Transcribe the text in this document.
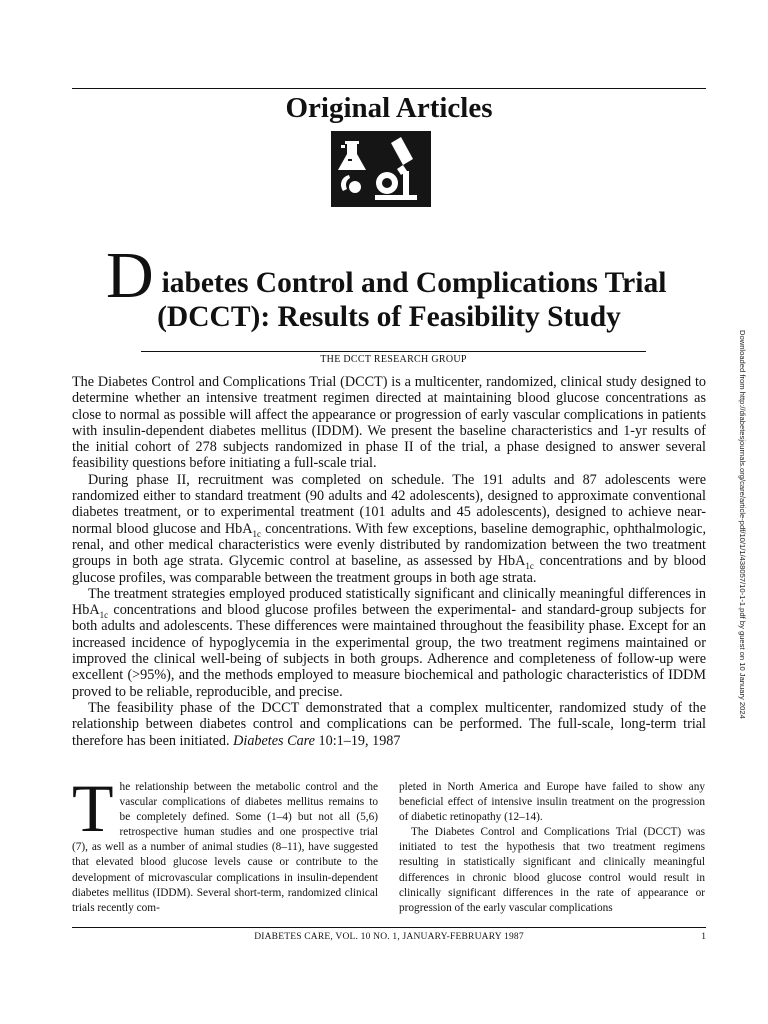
Original Articles
D iabetes Control and Complications Trial
(DCCT): Results of Feasibility Study
THE DCCT RESEARCH GROUP

The Diabetes Control and Complications Trial (DCCT) is a multicenter, randomized, clinical study designed to determine whether an intensive treatment regimen directed at maintaining blood glucose concentrations as close to normal as possible will affect the appearance or progression of early vascular complications in patients with insulin-dependent diabetes mellitus (IDDM). We present the baseline characteristics and 1-yr results of the initial cohort of 278 subjects randomized in phase II of the trial, a phase designed to answer several feasibility questions before initiating a full-scale trial.

During phase II, recruitment was completed on schedule. The 191 adults and 87 adolescents were randomized either to standard treatment (90 adults and 42 adolescents), designed to approximate conventional diabetes treatment, or to experimental treatment (101 adults and 45 adolescents), designed to achieve near-normal blood glucose and HbA$_{1c}$ concentrations. With few exceptions, baseline demographic, ophthalmologic, renal, and other medical characteristics were evenly distributed by randomization between the two treatment groups in both age strata. Glycemic control at baseline, as assessed by HbA$_{1c}$ concentrations and by blood glucose profiles, was comparable between the treatment groups in both age strata.

The treatment strategies employed produced statistically significant and clinically meaningful differences in HbA$_{1c}$ concentrations and blood glucose profiles between the experimental- and standard-group subjects for both adults and adolescents. These differences were maintained throughout the feasibility phase. Except for an increased incidence of hypoglycemia in the experimental group, the two treatment regimens maintained or improved the clinical well-being of subjects in both groups. Adherence and completeness of follow-up were excellent (>95%), and the methods employed to measure biochemical and pathologic characteristics of IDDM proved to be reliable, reproducible, and precise.

The feasibility phase of the DCCT demonstrated that a complex multicenter, randomized study of the relationship between diabetes control and complications can be performed. The full-scale, long-term trial therefore has been initiated. Diabetes Care 10:1–19, 1987

The relationship between the metabolic control and the vascular complications of diabetes mellitus remains to be completely defined. Some (1–4) but not all (5,6) retrospective human studies and one prospective trial (7), as well as a number of animal studies (8–11), have suggested that elevated blood glucose levels cause or contribute to the development of microvascular complications in insulin-dependent diabetes mellitus (IDDM). Several short-term, randomized clinical trials recently com-

pleted in North America and Europe have failed to show any beneficial effect of intensive insulin treatment on the progression of diabetic retinopathy (12–14).

The Diabetes Control and Complications Trial (DCCT) was initiated to test the hypothesis that two treatment regimens resulting in statistically significant and clinically meaningful differences in chronic blood glucose control would result in clinically significant differences in the rate of appearance or progression of the early vascular complications

DIABETES CARE, VOL. 10 NO. 1, JANUARY-FEBRUARY 1987	1
Downloaded from http://diabetesjournals.org/care/article-pdf/10/1/1/438057/10-1-1.pdf by guest on 10 January 2024
